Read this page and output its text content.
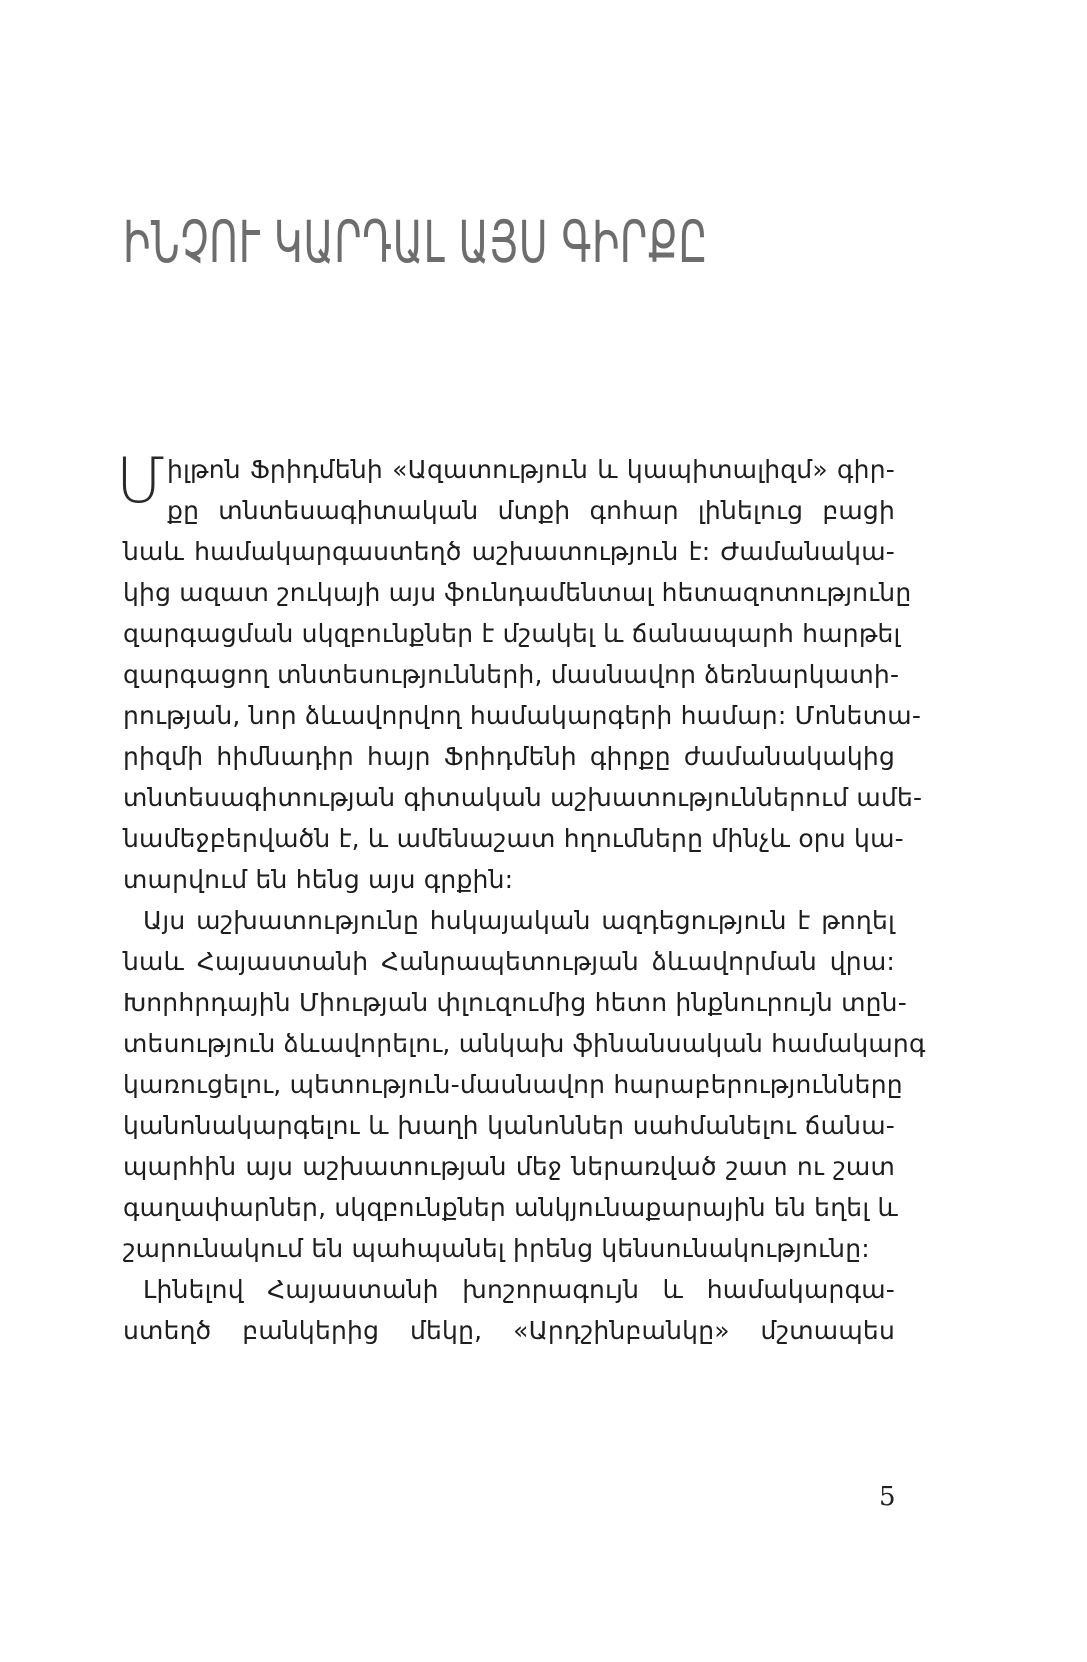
ԻՆՉՈՒ ԿԱՐԴԱԼ ԱՅՍ ԳԻՐՔԸ
Մ իլթոն Ֆրիդմենի «Ազատություն և կապիտալիզմ» գիր-
քը տնտեսագիտական մտքի գոհար լինելուց բացի
նաև համակարգաստեղծ աշխատություն է: Ժամանակա-
կից ազատ շուկայի այս ֆունդամենտալ հետազոտությունը
զարգացման սկզբունքներ է մշակել և ճանապարհ հարթել
զարգացող տնտեսությունների, մասնավոր ձեռնարկատի-
րության, նոր ձևավորվող համակարգերի համար: Մոնետա-
րիզմի հիմնադիր հայր Ֆրիդմենի գիրքը ժամանակակից
տնտեսագիտության գիտական աշխատություններում ամե-
նամեջբերվածն է, և ամենաշատ հղումները մինչև օրս կա-
տարվում են հենց այս գրքին:
Այս աշխատությունը հսկայական ազդեցություն է թողել
նաև Հայաստանի Հանրապետության ձևավորման վրա:
Խորհրդային Միության փլուզումից հետո ինքնուրույն տըն-
տեսություն ձևավորելու, անկախ ֆինանսական համակարգ
կառուցելու, պետություն-մասնավոր հարաբերությունները
կանոնակարգելու և խաղի կանոններ սահմանելու ճանա-
պարհին այս աշխատության մեջ ներառված շատ ու շատ
գաղափարներ, սկզբունքներ անկյունաքարային են եղել և
շարունակում են պահպանել իրենց կենսունակությունը:
Լինելով Հայաստանի խոշորագույն և համակարգա-
ստեղծ բանկերից մեկը, «Արդշինբանկը» մշտապես
5
